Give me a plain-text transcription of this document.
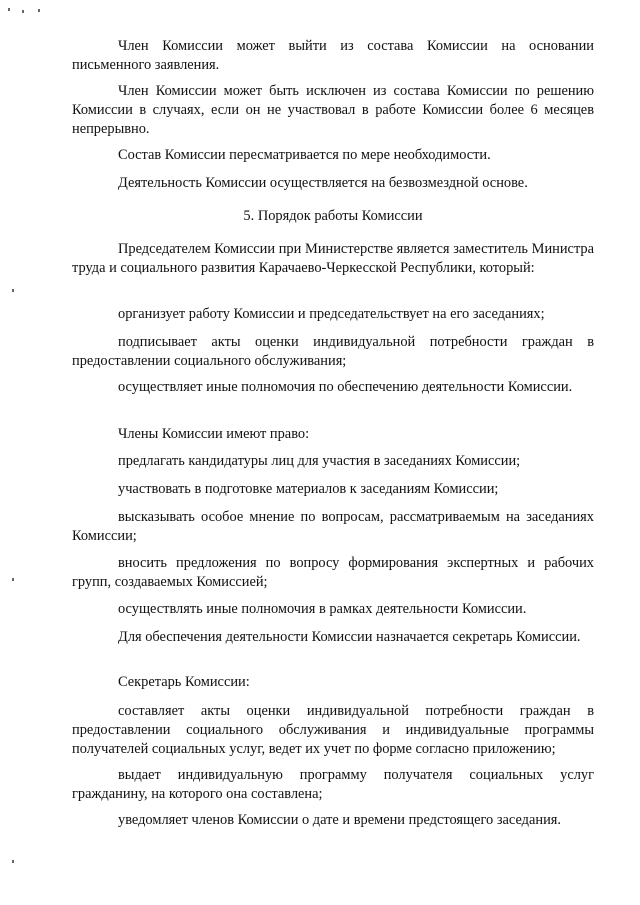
Член Комиссии может выйти из состава Комиссии на основании письменного заявления.

Член Комиссии может быть исключен из состава Комиссии по решению Комиссии в случаях, если он не участвовал в работе Комиссии более 6 месяцев непрерывно.

Состав Комиссии пересматривается по мере необходимости.

Деятельность Комиссии осуществляется на безвозмездной основе.

5. Порядок работы Комиссии

Председателем Комиссии при Министерстве является заместитель Министра труда и социального развития Карачаево-Черкесской Республики, который:

организует работу Комиссии и председательствует на его заседаниях;

подписывает акты оценки индивидуальной потребности граждан в предоставлении социального обслуживания;

осуществляет иные полномочия по обеспечению деятельности Комиссии.

Члены Комиссии имеют право:

предлагать кандидатуры лиц для участия в заседаниях Комиссии;

участвовать в подготовке материалов к заседаниям Комиссии;

высказывать особое мнение по вопросам, рассматриваемым на заседаниях Комиссии;

вносить предложения по вопросу формирования экспертных и рабочих групп, создаваемых Комиссией;

осуществлять иные полномочия в рамках деятельности Комиссии.

Для обеспечения деятельности Комиссии назначается секретарь Комиссии.

Секретарь Комиссии:

составляет акты оценки индивидуальной потребности граждан в предоставлении социального обслуживания и индивидуальные программы получателей социальных услуг, ведет их учет по форме согласно приложению;

выдает индивидуальную программу получателя социальных услуг гражданину, на которого она составлена;

уведомляет членов Комиссии о дате и времени предстоящего заседания.
